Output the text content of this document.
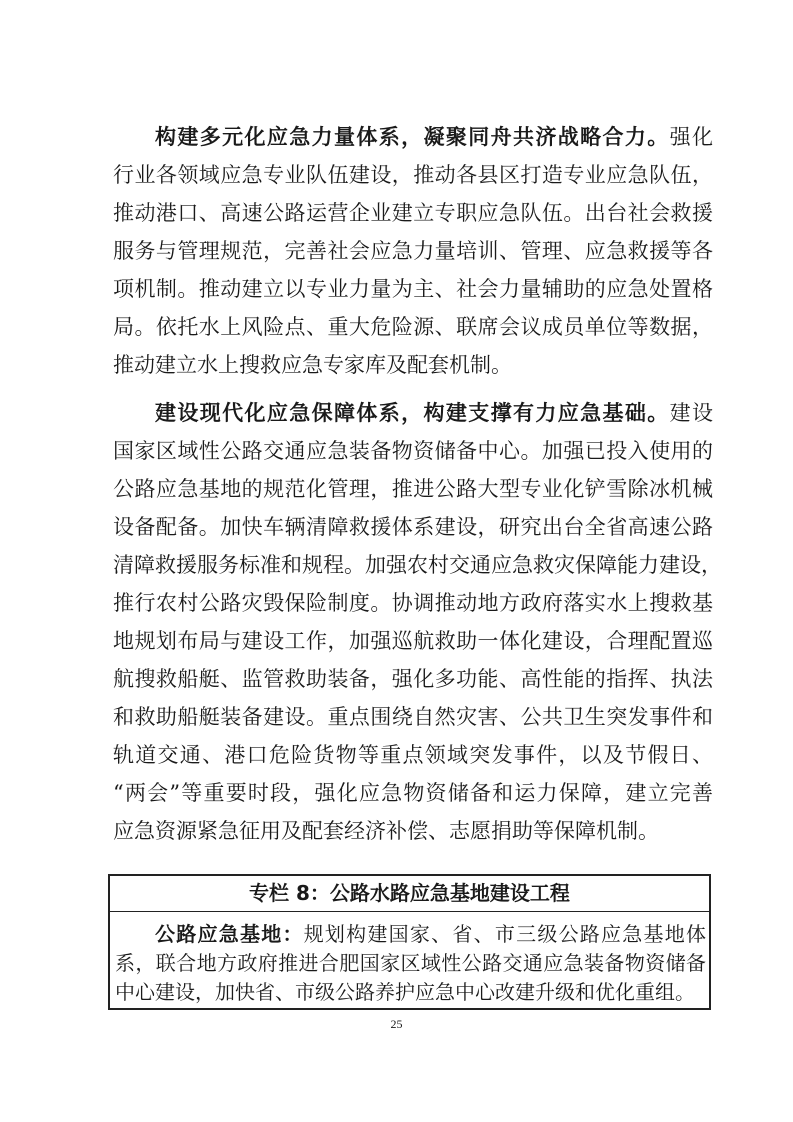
构建多元化应急力量体系，凝聚同舟共济战略合力。强化
行业各领域应急专业队伍建设，推动各县区打造专业应急队伍，
推动港口、高速公路运营企业建立专职应急队伍。出台社会救援
服务与管理规范，完善社会应急力量培训、管理、应急救援等各
项机制。推动建立以专业力量为主、社会力量辅助的应急处置格
局。依托水上风险点、重大危险源、联席会议成员单位等数据，
推动建立水上搜救应急专家库及配套机制。
建设现代化应急保障体系，构建支撑有力应急基础。建设
国家区域性公路交通应急装备物资储备中心。加强已投入使用的
公路应急基地的规范化管理，推进公路大型专业化铲雪除冰机械
设备配备。加快车辆清障救援体系建设，研究出台全省高速公路
清障救援服务标准和规程。加强农村交通应急救灾保障能力建设，
推行农村公路灾毁保险制度。协调推动地方政府落实水上搜救基
地规划布局与建设工作，加强巡航救助一体化建设，合理配置巡
航搜救船艇、监管救助装备，强化多功能、高性能的指挥、执法
和救助船艇装备建设。重点围绕自然灾害、公共卫生突发事件和
轨道交通、港口危险货物等重点领域突发事件，以及节假日、
“两会”等重要时段，强化应急物资储备和运力保障，建立完善
应急资源紧急征用及配套经济补偿、志愿捐助等保障机制。
专栏 8：公路水路应急基地建设工程
公路应急基地：规划构建国家、省、市三级公路应急基地体
系，联合地方政府推进合肥国家区域性公路交通应急装备物资储备
中心建设，加快省、市级公路养护应急中心改建升级和优化重组。
25
